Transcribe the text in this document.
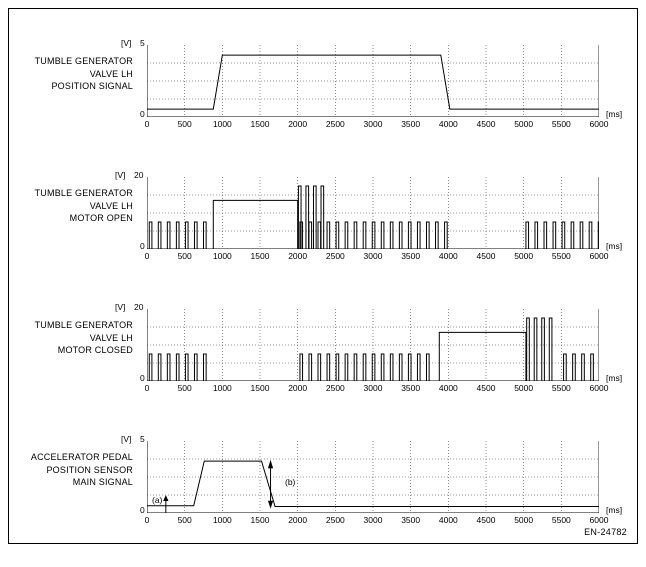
TUMBLE GENERATOR
VALVE LH
POSITION SIGNAL
[V] 5
0	[ms]
0	500 1000 1500 2000 2500 3000 3500 4000 4500 5000 5500 6000
TUMBLE GENERATOR
VALVE LH
MOTOR OPEN
[V] 20
0	[ms]
0	500 1000 1500 2000 2500 3000 3500 4000 4500 5000 5500 6000
TUMBLE GENERATOR
VALVE LH
MOTOR CLOSED
[V] 20
0	[ms]
0	500 1000 1500 2000 2500 3000 3500 4000 4500 5000 5500 6000
ACCELERATOR PEDAL
POSITION SENSOR
MAIN SIGNAL
[V] 5
0	[ms]
(a)
(b)
0	500 1000 1500 2000 2500 3000 3500 4000 4500 5000 5500 6000
EN-24782
